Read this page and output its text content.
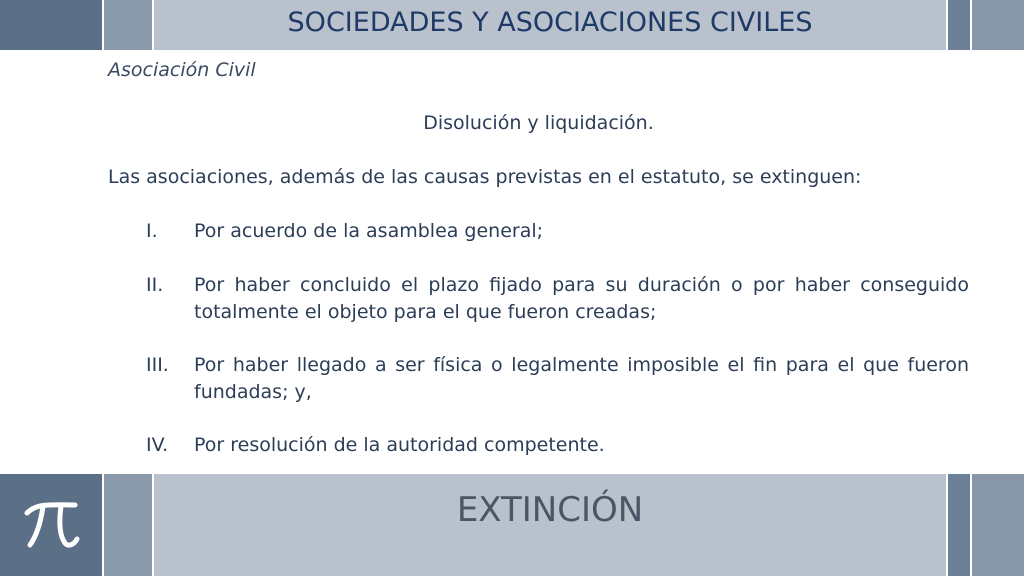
SOCIEDADES Y ASOCIACIONES CIVILES
Asociación Civil
Disolución y liquidación.
Las asociaciones, además de las causas previstas en el estatuto, se extinguen:
I. Por acuerdo de la asamblea general;
II. Por haber concluido el plazo fijado para su duración o por haber conseguido totalmente el objeto para el que fueron creadas;
III. Por haber llegado a ser física o legalmente imposible el fin para el que fueron fundadas; y,
IV. Por resolución de la autoridad competente.
EXTINCIÓN
